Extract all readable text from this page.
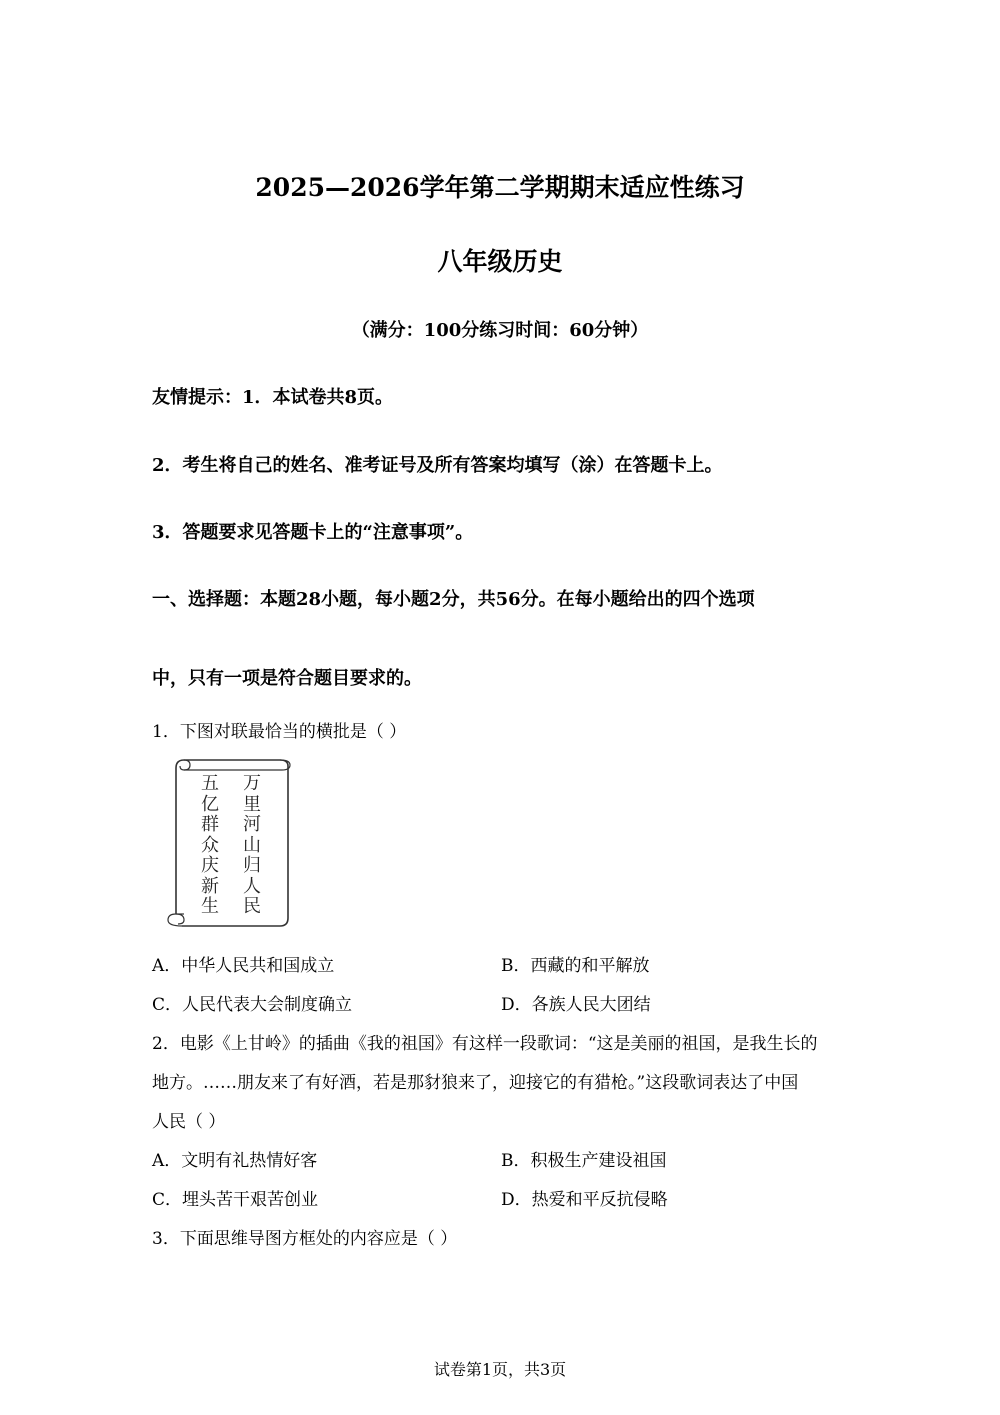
2025—2026学年第二学期期末适应性练习
八年级历史
（满分：100分练习时间：60分钟）
友情提示：1．本试卷共8页。
2．考生将自己的姓名、准考证号及所有答案均填写（涂）在答题卡上。
3．答题要求见答题卡上的“注意事项”。
一、选择题：本题28小题，每小题2分，共56分。在每小题给出的四个选项
中，只有一项是符合题目要求的。
1．下图对联最恰当的横批是（ ）
万
里
河
山
归
人
民
五
亿
群
众
庆
新
生
A．中华人民共和国成立	B．西藏的和平解放
C．人民代表大会制度确立	D．各族人民大团结
2．电影《上甘岭》的插曲《我的祖国》有这样一段歌词：“这是美丽的祖国，是我生长的
地方。……朋友来了有好酒，若是那豺狼来了，迎接它的有猎枪。”这段歌词表达了中国
人民（ ）
A．文明有礼热情好客	B．积极生产建设祖国
C．埋头苦干艰苦创业	D．热爱和平反抗侵略
3．下面思维导图方框处的内容应是（ ）
试卷第1页，共3页
